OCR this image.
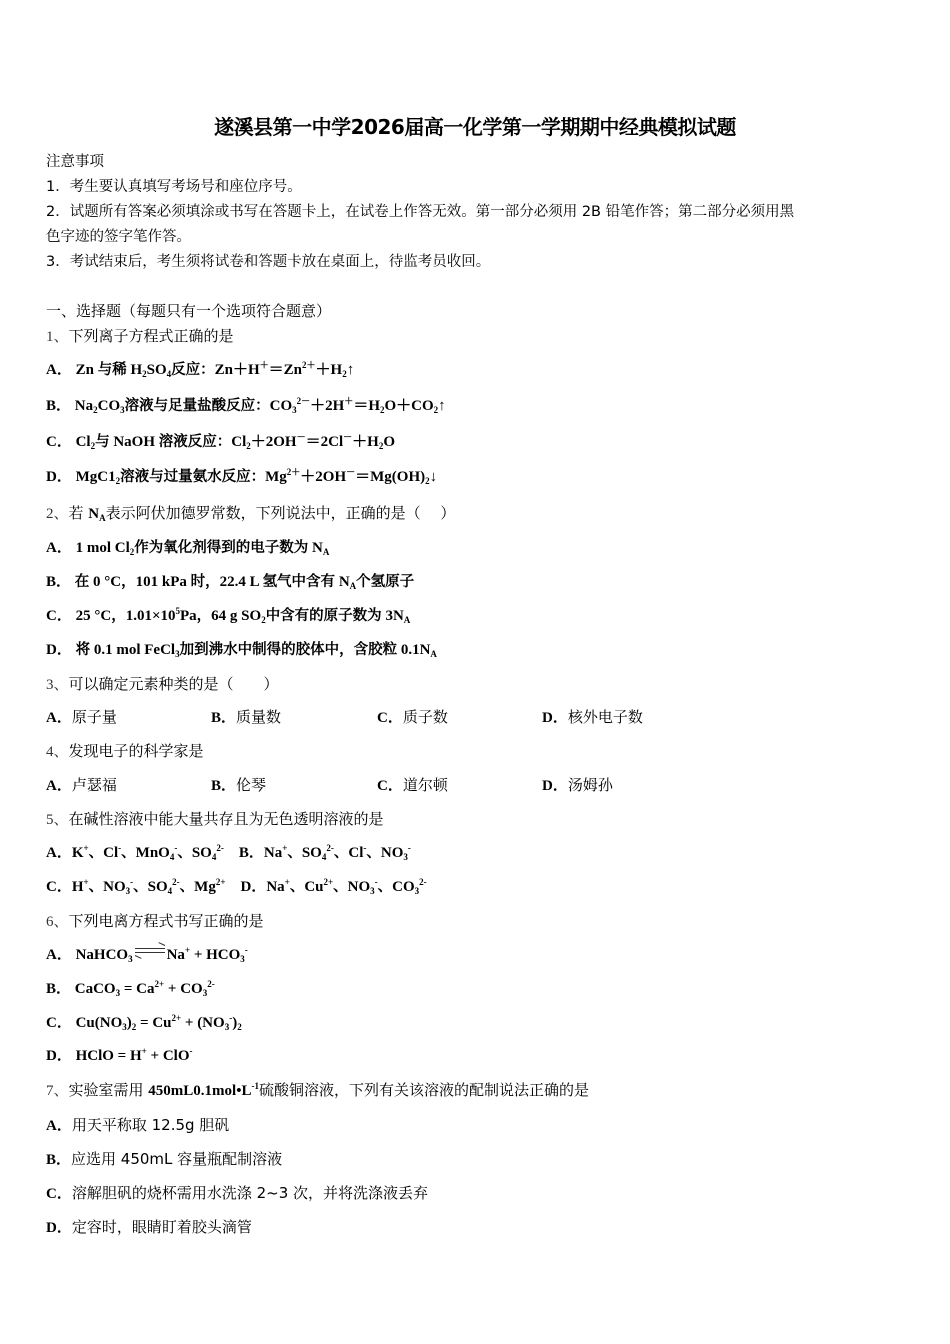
遂溪县第一中学2026届高一化学第一学期期中经典模拟试题
注意事项
1．考生要认真填写考场号和座位序号。
2．试题所有答案必须填涂或书写在答题卡上，在试卷上作答无效。第一部分必须用 2B 铅笔作答；第二部分必须用黑
色字迹的签字笔作答。
3．考试结束后，考生须将试卷和答题卡放在桌面上，待监考员收回。
一、选择题（每题只有一个选项符合题意）
1、下列离子方程式正确的是
A． Zn 与稀 $H_2SO_4$反应：$Zn+H^+=Zn^{2+}+H_2↑$
B． $Na_2CO_3$溶液与足量盐酸反应：$CO_3^{2-}+2H^+=H_2O+CO_2↑$
C． $Cl_2$与 NaOH 溶液反应：$Cl_2+2OH^-=2Cl^-+H_2O$
D． $MgC1_2$溶液与过量氨水反应：$Mg^{2+}+2OH^-=Mg(OH)_2↓$
2、若 $N_A$表示阿伏加德罗常数，下列说法中，正确的是（　 ）
A． 1 mol $Cl_2$作为氧化剂得到的电子数为 $N_A$
B． 在 0 °C，101 kPa 时，22.4 L 氢气中含有 $N_A$个氢原子
C． 25 °C，$1.01\times 10^5Pa$，64 g $SO_2$中含有的原子数为 $3N_A$
D． 将 0.1 mol FeCl$_3$加到沸水中制得的胶体中，含胶粒 $0.1N_A$
3、可以确定元素种类的是（　　）
A．原子量	B．质量数	C．质子数	D．核外电子数
4、发现电子的科学家是
A．卢瑟福	B．伦琴	C．道尔顿	D．汤姆孙
5、在碱性溶液中能大量共存且为无色透明溶液的是
A．K+、Cl-、MnO$_4$-、$SO_4^{2-}$ B．Na+、$SO_4^{2-}$、Cl-、$NO_3^-$
C．H+、$NO_3^-$、$SO_4^{2-}$、$Mg^{2+}$ D．Na+、$Cu^{2+}$、$NO_3^-$、$CO_3^{2-}$
6、下列电离方程式书写正确的是
A． NaHCO$_3$ $Na^+ + HCO_3^-$
B． CaCO$_3$ = $Ca^{2+} + CO_3^{2-}$
C． $Cu(NO_3)_2 = Cu^{2+} + (NO_3^-)_2$
D． HClO = H+ + ClO-
7、实验室需用 $450mL0.1mol•L^{-1}$硫酸铜溶液，下列有关该溶液的配制说法正确的是
A．用天平称取 12.5g 胆矾
B．应选用 450mL 容量瓶配制溶液
C．溶解胆矾的烧杯需用水洗涤 2~3 次，并将洗涤液丢弃
D．定容时，眼睛盯着胶头滴管
